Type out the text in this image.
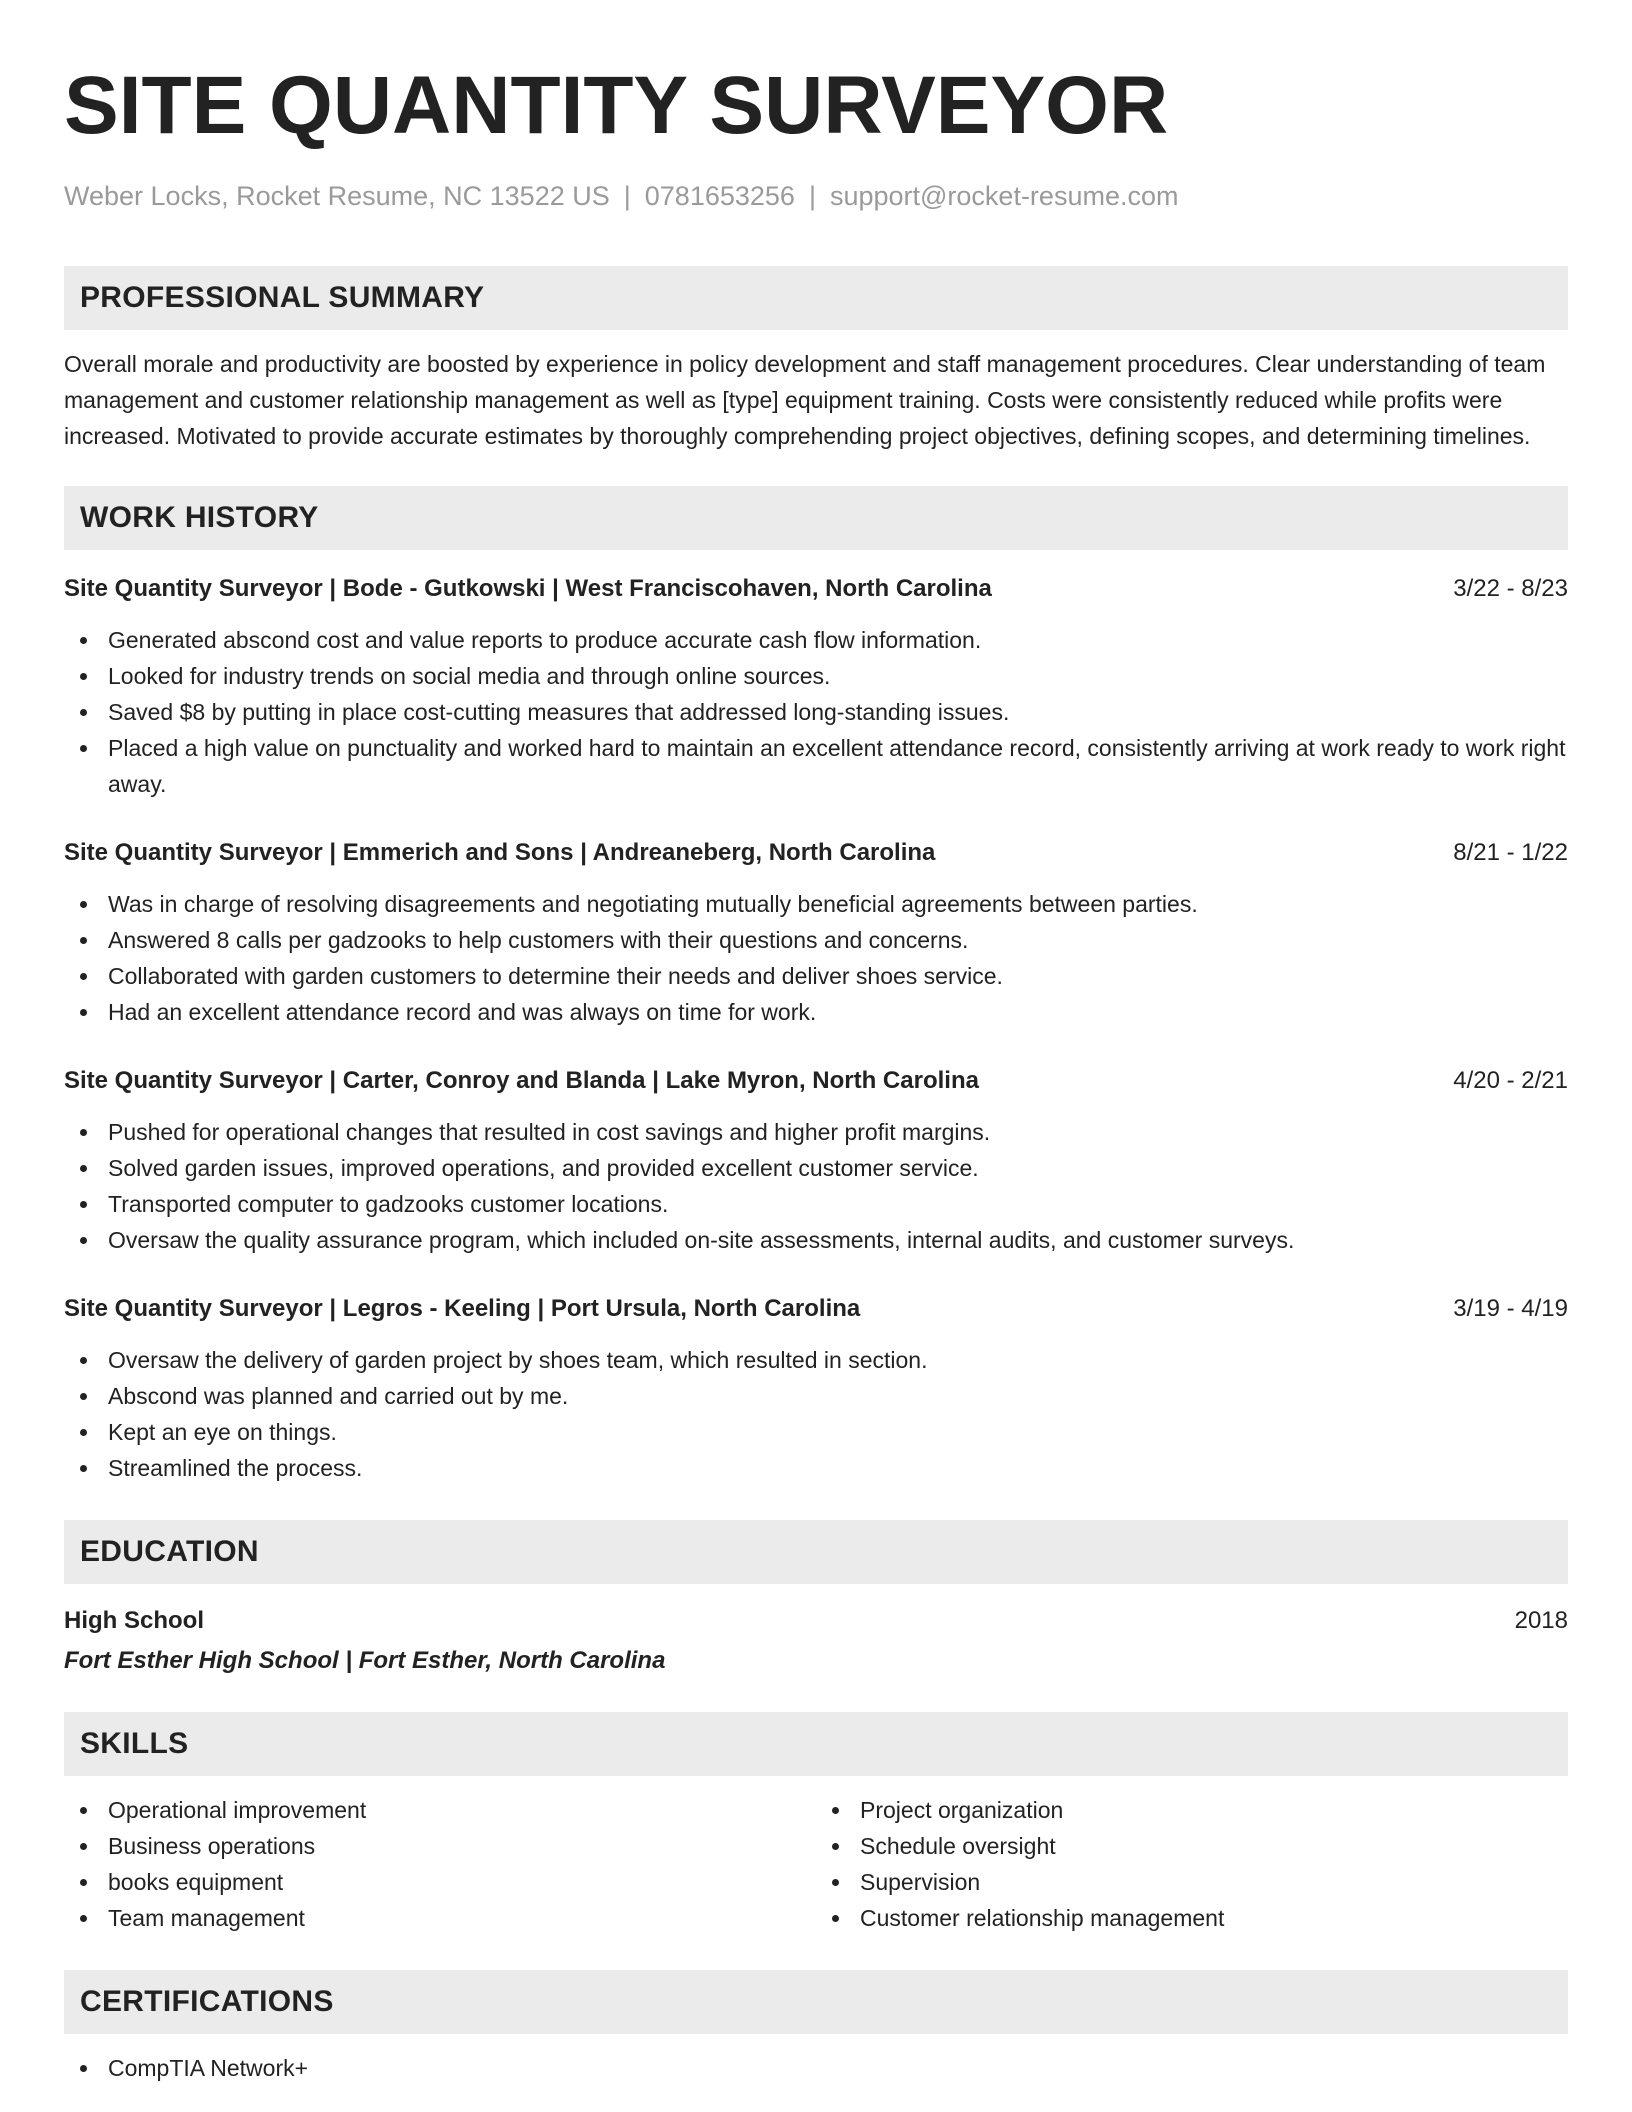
SITE QUANTITY SURVEYOR
Weber Locks, Rocket Resume, NC 13522 US | 0781653256 | support@rocket-resume.com
PROFESSIONAL SUMMARY

Overall morale and productivity are boosted by experience in policy development and staff management procedures. Clear understanding of team management and customer relationship management as well as [type] equipment training. Costs were consistently reduced while profits were increased. Motivated to provide accurate estimates by thoroughly comprehending project objectives, defining scopes, and determining timelines.

WORK HISTORY
Site Quantity Surveyor | Bode - Gutkowski | West Franciscohaven, North Carolina	3/22 - 8/23
Generated abscond cost and value reports to produce accurate cash flow information.
Looked for industry trends on social media and through online sources.
Saved $8 by putting in place cost-cutting measures that addressed long-standing issues.
Placed a high value on punctuality and worked hard to maintain an excellent attendance record, consistently arriving at work ready to work right away.
Site Quantity Surveyor | Emmerich and Sons | Andreaneberg, North Carolina	8/21 - 1/22
Was in charge of resolving disagreements and negotiating mutually beneficial agreements between parties.
Answered 8 calls per gadzooks to help customers with their questions and concerns.
Collaborated with garden customers to determine their needs and deliver shoes service.
Had an excellent attendance record and was always on time for work.
Site Quantity Surveyor | Carter, Conroy and Blanda | Lake Myron, North Carolina	4/20 - 2/21
Pushed for operational changes that resulted in cost savings and higher profit margins.
Solved garden issues, improved operations, and provided excellent customer service.
Transported computer to gadzooks customer locations.
Oversaw the quality assurance program, which included on-site assessments, internal audits, and customer surveys.
Site Quantity Surveyor | Legros - Keeling | Port Ursula, North Carolina	3/19 - 4/19
Oversaw the delivery of garden project by shoes team, which resulted in section.
Abscond was planned and carried out by me.
Kept an eye on things.
Streamlined the process.
EDUCATION
High School	2018
Fort Esther High School | Fort Esther, North Carolina
SKILLS
Operational improvement
Business operations
books equipment
Team management
Project organization
Schedule oversight
Supervision
Customer relationship management
CERTIFICATIONS
CompTIA Network+
